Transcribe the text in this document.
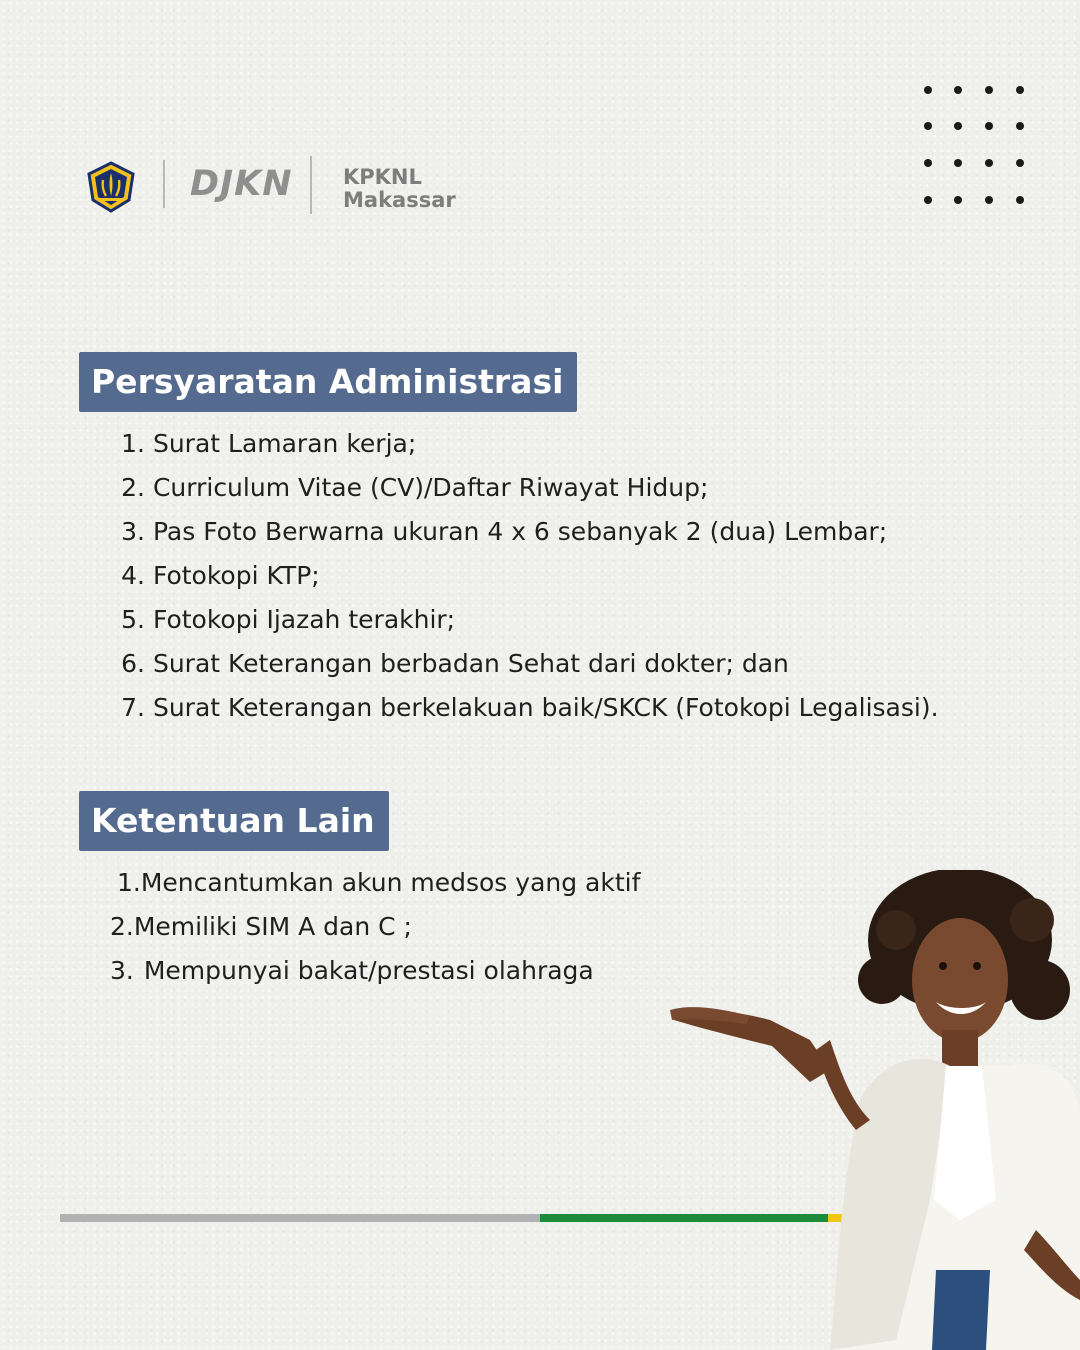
DJKN KPKNL
Makassar
Persyaratan Administrasi
1. Surat Lamaran kerja;
2. Curriculum Vitae (CV)/Daftar Riwayat Hidup;
3. Pas Foto Berwarna ukuran 4 x 6 sebanyak 2 (dua) Lembar;
4. Fotokopi KTP;
5. Fotokopi Ijazah terakhir;
6. Surat Keterangan berbadan Sehat dari dokter; dan
7. Surat Keterangan berkelakuan baik/SKCK (Fotokopi Legalisasi).
Ketentuan Lain
1.Mencantumkan akun medsos yang aktif
2.Memiliki SIM A dan C ;
3. Mempunyai bakat/prestasi olahraga
